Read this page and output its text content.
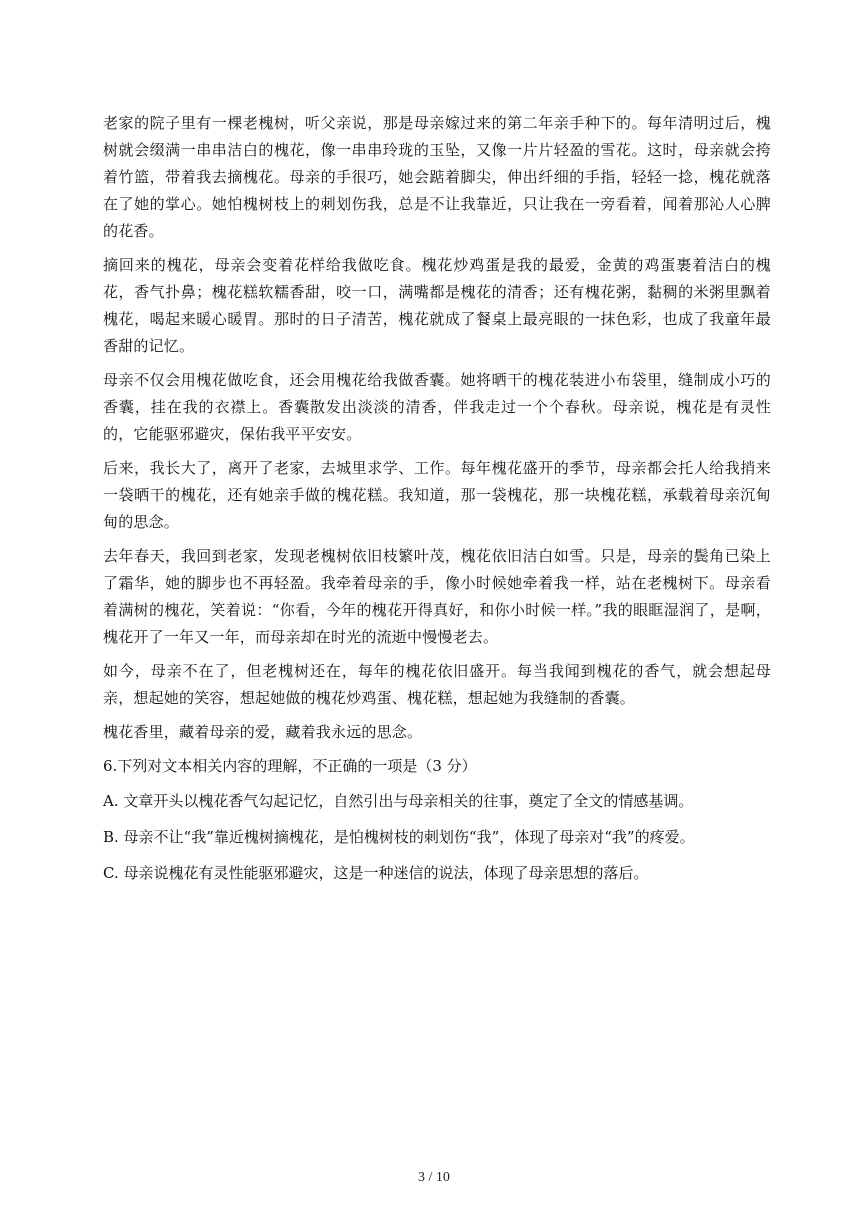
老家的院子里有一棵老槐树，听父亲说，那是母亲嫁过来的第二年亲手种下的。每年清明过后，槐树就会缀满一串串洁白的槐花，像一串串玲珑的玉坠，又像一片片轻盈的雪花。这时，母亲就会挎着竹篮，带着我去摘槐花。母亲的手很巧，她会踮着脚尖，伸出纤细的手指，轻轻一捻，槐花就落在了她的掌心。她怕槐树枝上的刺划伤我，总是不让我靠近，只让我在一旁看着，闻着那沁人心脾的花香。

摘回来的槐花，母亲会变着花样给我做吃食。槐花炒鸡蛋是我的最爱，金黄的鸡蛋裹着洁白的槐花，香气扑鼻；槐花糕软糯香甜，咬一口，满嘴都是槐花的清香；还有槐花粥，黏稠的米粥里飘着槐花，喝起来暖心暖胃。那时的日子清苦，槐花就成了餐桌上最亮眼的一抹色彩，也成了我童年最香甜的记忆。

母亲不仅会用槐花做吃食，还会用槐花给我做香囊。她将晒干的槐花装进小布袋里，缝制成小巧的香囊，挂在我的衣襟上。香囊散发出淡淡的清香，伴我走过一个个春秋。母亲说，槐花是有灵性的，它能驱邪避灾，保佑我平平安安。

后来，我长大了，离开了老家，去城里求学、工作。每年槐花盛开的季节，母亲都会托人给我捎来一袋晒干的槐花，还有她亲手做的槐花糕。我知道，那一袋槐花，那一块槐花糕，承载着母亲沉甸甸的思念。

去年春天，我回到老家，发现老槐树依旧枝繁叶茂，槐花依旧洁白如雪。只是，母亲的鬓角已染上了霜华，她的脚步也不再轻盈。我牵着母亲的手，像小时候她牵着我一样，站在老槐树下。母亲看着满树的槐花，笑着说：“你看，今年的槐花开得真好，和你小时候一样。”我的眼眶湿润了，是啊，槐花开了一年又一年，而母亲却在时光的流逝中慢慢老去。

如今，母亲不在了，但老槐树还在，每年的槐花依旧盛开。每当我闻到槐花的香气，就会想起母亲，想起她的笑容，想起她做的槐花炒鸡蛋、槐花糕，想起她为我缝制的香囊。

槐花香里，藏着母亲的爱，藏着我永远的思念。

6.下列对文本相关内容的理解，不正确的一项是（3 分）

A. 文章开头以槐花香气勾起记忆，自然引出与母亲相关的往事，奠定了全文的情感基调。

B. 母亲不让“我”靠近槐树摘槐花，是怕槐树枝的刺划伤“我”，体现了母亲对“我”的疼爱。

C. 母亲说槐花有灵性能驱邪避灾，这是一种迷信的说法，体现了母亲思想的落后。

3 / 10
